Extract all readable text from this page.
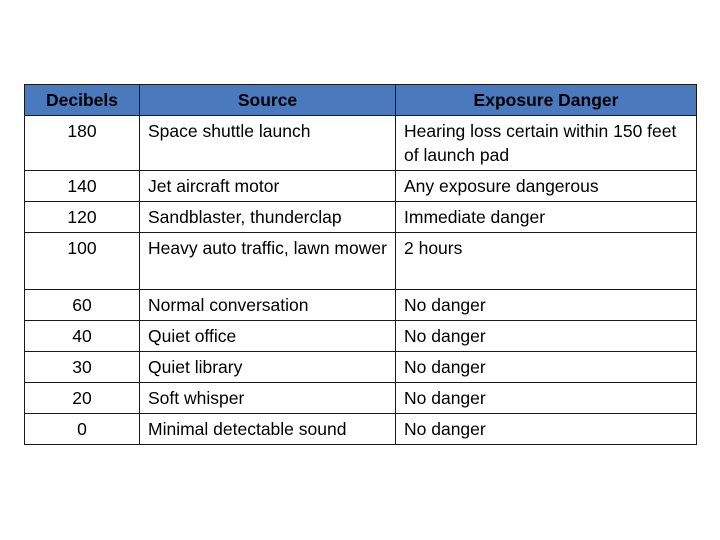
Decibels	Source	Exposure Danger
180	Space shuttle launch	Hearing loss certain within 150 feet of launch pad
140	Jet aircraft motor	Any exposure dangerous
120	Sandblaster, thunderclap	Immediate danger
100	Heavy auto traffic, lawn mower	2 hours
60	Normal conversation	No danger
40	Quiet office	No danger
30	Quiet library	No danger
20	Soft whisper	No danger
0	Minimal detectable sound	No danger
